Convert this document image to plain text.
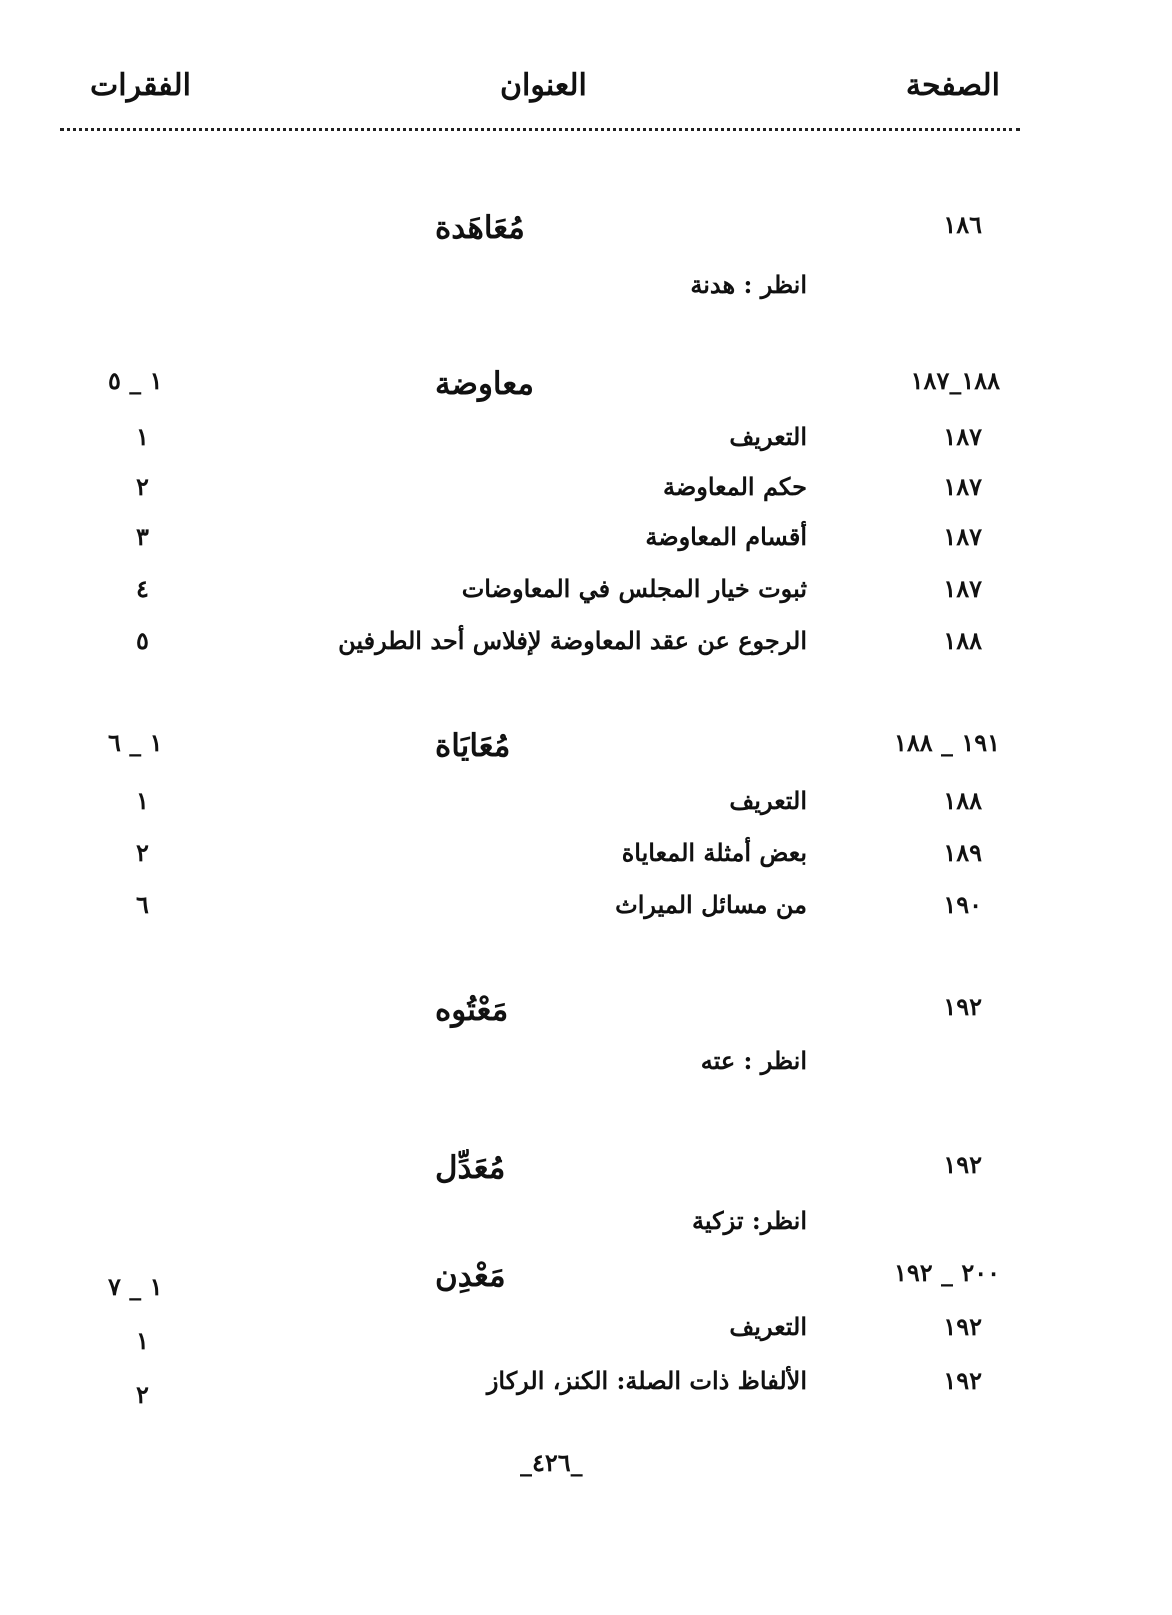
الصفحة
العنوان
الفقرات
١٨٦
مُعَاهَدة
انظر : هدنة
١٨٨_١٨٧
معاوضة
١ _ ٥
١٨٧
التعريف
١
١٨٧
حكم المعاوضة
٢
١٨٧
أقسام المعاوضة
٣
١٨٧
ثبوت خيار المجلس في المعاوضات
٤
١٨٨
الرجوع عن عقد المعاوضة لإفلاس أحد الطرفين
٥
١٩١ _ ١٨٨
مُعَايَاة
١ _ ٦
١٨٨
التعريف
١
١٨٩
بعض أمثلة المعاياة
٢
١٩٠
من مسائل الميراث
٦
١٩٢
مَعْتُوه
انظر : عته
١٩٢
مُعَدِّل
انظر: تزكية
٢٠٠ _ ١٩٢
مَعْدِن
١ _ ٧
١٩٢
التعريف
١
١٩٢
الألفاظ ذات الصلة: الكنز، الركاز
٢
_٤٢٦_
